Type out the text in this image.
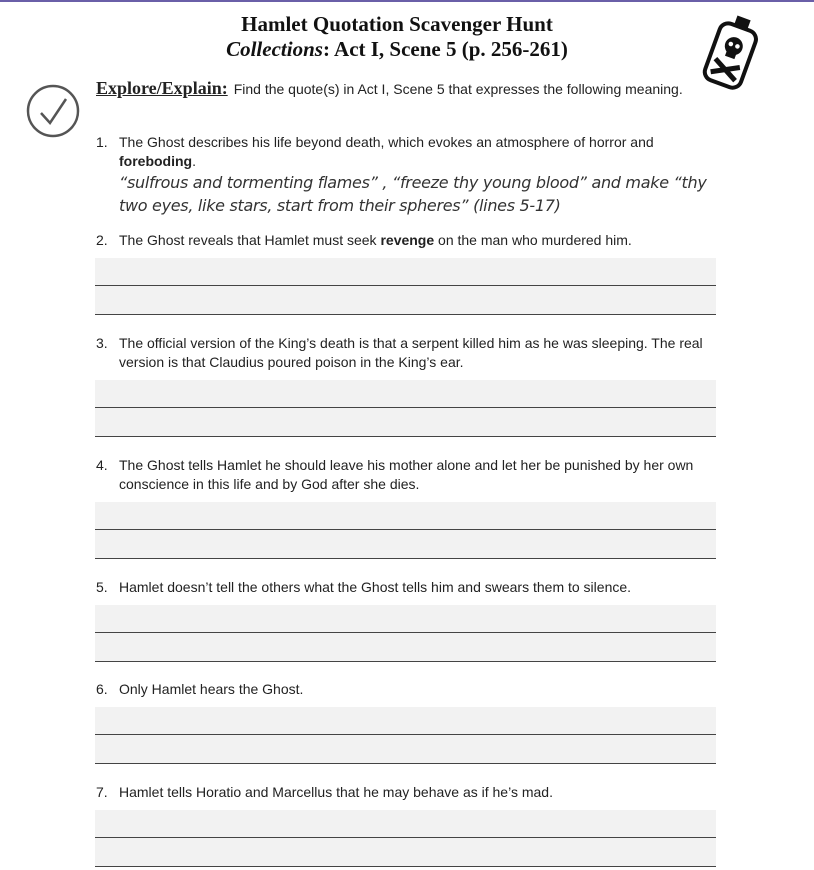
Hamlet Quotation Scavenger Hunt
Collections: Act I, Scene 5 (p. 256-261)
Explore/Explain: Find the quote(s) in Act I, Scene 5 that expresses the following meaning.
1. The Ghost describes his life beyond death, which evokes an atmosphere of horror and foreboding.
“sulfrous and tormenting flames” , “freeze thy young blood” and make “thy two eyes, like stars, start from their spheres” (lines 5-17)
2. The Ghost reveals that Hamlet must seek revenge on the man who murdered him.
3. The official version of the King’s death is that a serpent killed him as he was sleeping. The real version is that Claudius poured poison in the King’s ear.
4. The Ghost tells Hamlet he should leave his mother alone and let her be punished by her own conscience in this life and by God after she dies.
5. Hamlet doesn’t tell the others what the Ghost tells him and swears them to silence.
6. Only Hamlet hears the Ghost.
7. Hamlet tells Horatio and Marcellus that he may behave as if he’s mad.
